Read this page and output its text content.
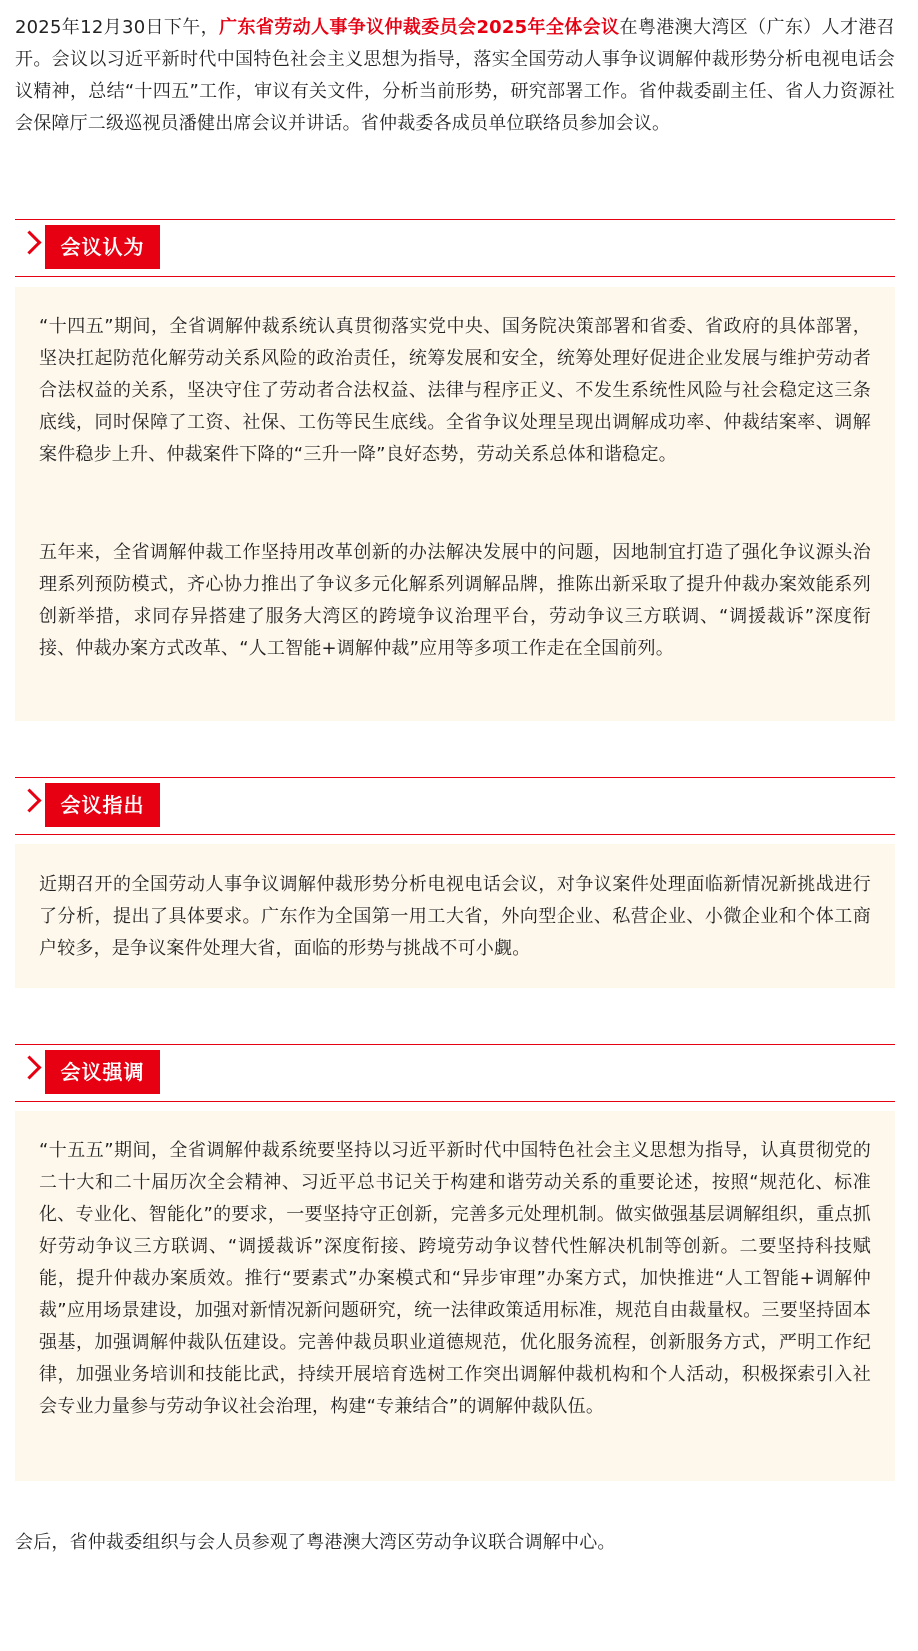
2025年12月30日下午，广东省劳动人事争议仲裁委员会2025年全体会议在粤港澳大湾区（广东）人才港召开。会议以习近平新时代中国特色社会主义思想为指导，落实全国劳动人事争议调解仲裁形势分析电视电话会议精神，总结“十四五”工作，审议有关文件，分析当前形势，研究部署工作。省仲裁委副主任、省人力资源社会保障厅二级巡视员潘健出席会议并讲话。省仲裁委各成员单位联络员参加会议。

会议认为

“十四五”期间，全省调解仲裁系统认真贯彻落实党中央、国务院决策部署和省委、省政府的具体部署，坚决扛起防范化解劳动关系风险的政治责任，统筹发展和安全，统筹处理好促进企业发展与维护劳动者合法权益的关系，坚决守住了劳动者合法权益、法律与程序正义、不发生系统性风险与社会稳定这三条底线，同时保障了工资、社保、工伤等民生底线。全省争议处理呈现出调解成功率、仲裁结案率、调解案件稳步上升、仲裁案件下降的“三升一降”良好态势，劳动关系总体和谐稳定。

五年来，全省调解仲裁工作坚持用改革创新的办法解决发展中的问题，因地制宜打造了强化争议源头治理系列预防模式，齐心协力推出了争议多元化解系列调解品牌，推陈出新采取了提升仲裁办案效能系列创新举措，求同存异搭建了服务大湾区的跨境争议治理平台，劳动争议三方联调、“调援裁诉”深度衔接、仲裁办案方式改革、“人工智能+调解仲裁”应用等多项工作走在全国前列。

会议指出

近期召开的全国劳动人事争议调解仲裁形势分析电视电话会议，对争议案件处理面临新情况新挑战进行了分析，提出了具体要求。广东作为全国第一用工大省，外向型企业、私营企业、小微企业和个体工商户较多，是争议案件处理大省，面临的形势与挑战不可小觑。

会议强调

“十五五”期间，全省调解仲裁系统要坚持以习近平新时代中国特色社会主义思想为指导，认真贯彻党的二十大和二十届历次全会精神、习近平总书记关于构建和谐劳动关系的重要论述，按照“规范化、标准化、专业化、智能化”的要求，一要坚持守正创新，完善多元处理机制。做实做强基层调解组织，重点抓好劳动争议三方联调、“调援裁诉”深度衔接、跨境劳动争议替代性解决机制等创新。二要坚持科技赋能，提升仲裁办案质效。推行“要素式”办案模式和“异步审理”办案方式，加快推进“人工智能+调解仲裁”应用场景建设，加强对新情况新问题研究，统一法律政策适用标准，规范自由裁量权。三要坚持固本强基，加强调解仲裁队伍建设。完善仲裁员职业道德规范，优化服务流程，创新服务方式，严明工作纪律，加强业务培训和技能比武，持续开展培育选树工作突出调解仲裁机构和个人活动，积极探索引入社会专业力量参与劳动争议社会治理，构建“专兼结合”的调解仲裁队伍。

会后，省仲裁委组织与会人员参观了粤港澳大湾区劳动争议联合调解中心。
